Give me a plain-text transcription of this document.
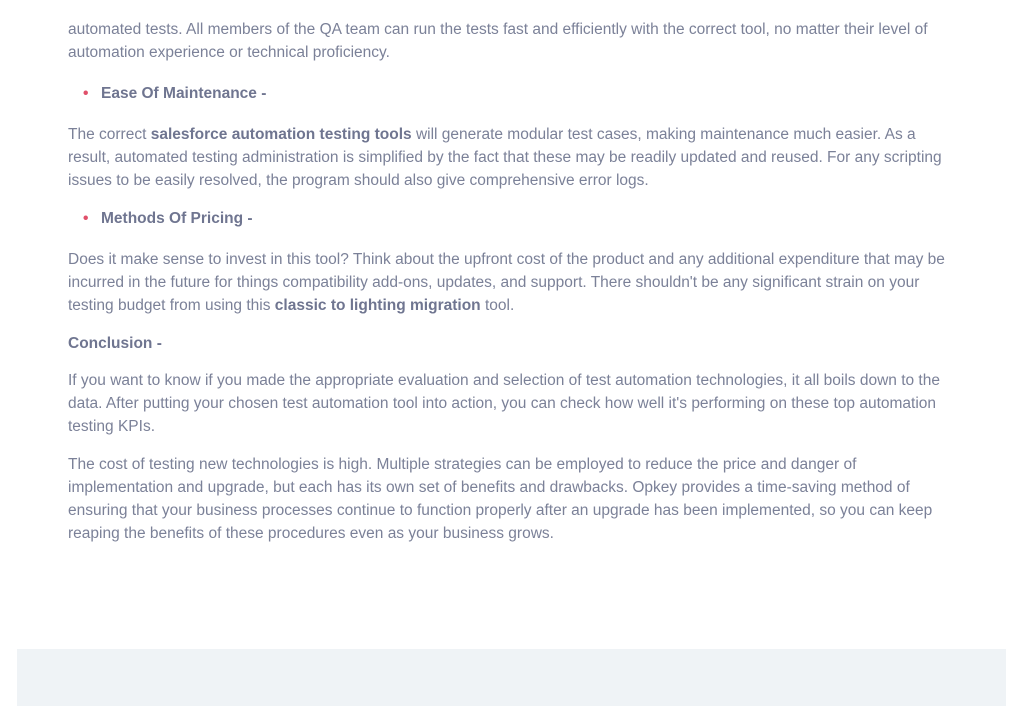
automated tests. All members of the QA team can run the tests fast and efficiently with the correct tool, no matter their level of automation experience or technical proficiency.

• Ease Of Maintenance -

The correct salesforce automation testing tools will generate modular test cases, making maintenance much easier. As a result, automated testing administration is simplified by the fact that these may be readily updated and reused. For any scripting issues to be easily resolved, the program should also give comprehensive error logs.

• Methods Of Pricing -

Does it make sense to invest in this tool? Think about the upfront cost of the product and any additional expenditure that may be incurred in the future for things compatibility add-ons, updates, and support. There shouldn't be any significant strain on your testing budget from using this classic to lighting migration tool.

Conclusion -

If you want to know if you made the appropriate evaluation and selection of test automation technologies, it all boils down to the data. After putting your chosen test automation tool into action, you can check how well it's performing on these top automation testing KPIs.

The cost of testing new technologies is high. Multiple strategies can be employed to reduce the price and danger of implementation and upgrade, but each has its own set of benefits and drawbacks. Opkey provides a time-saving method of ensuring that your business processes continue to function properly after an upgrade has been implemented, so you can keep reaping the benefits of these procedures even as your business grows.
